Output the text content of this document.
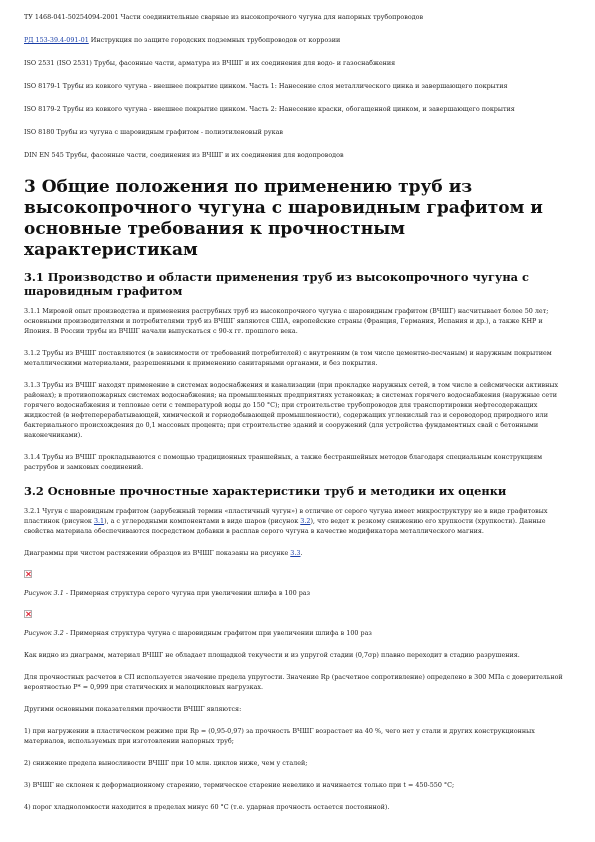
ТУ 1468-041-50254094-2001 Части соединительные сварные из высокопрочного чугуна для напорных трубопроводов

РД 153-39.4-091-01 Инструкция по защите городских подземных трубопроводов от коррозии

ISO 2531 (ISO 2531) Трубы, фасонные части, арматура из ВЧШГ и их соединения для водо- и газоснабжения

ISO 8179-1 Трубы из ковкого чугуна - внешнее покрытие цинком. Часть 1: Нанесение слоя металлического цинка и завершающего покрытия

ISO 8179-2 Трубы из ковкого чугуна - внешнее покрытие цинком. Часть 2: Нанесение краски, обогащенной цинком, и завершающего покрытия

ISO 8180 Трубы из чугуна с шаровидным графитом - полиэтиленовый рукав

DIN EN 545 Трубы, фасонные части, соединения из ВЧШГ и их соединения для водопроводов

3 Общие положения по применению труб из высокопрочного чугуна с шаровидным графитом и основные требования к прочностным характеристикам
3.1 Производство и области применения труб из высокопрочного чугуна с шаровидным графитом

3.1.1 Мировой опыт производства и применения раструбных труб из высокопрочного чугуна с шаровидным графитом (ВЧШГ) насчитывает более 50 лет; основными производителями и потребителями труб из ВЧШГ являются США, европейские страны (Франция, Германия, Испания и др.), а также КНР и Япония. В России трубы из ВЧШГ начали выпускаться с 90-х гг. прошлого века.

3.1.2 Трубы из ВЧШГ поставляются (в зависимости от требований потребителей) с внутренним (в том числе цементно-песчаным) и наружным покрытием металлическими материалами, разрешенными к применению санитарными органами, и без покрытия.

3.1.3 Трубы из ВЧШГ находят применение в системах водоснабжения и канализации (при прокладке наружных сетей, в том числе в сейсмически активных районах); в противопожарных системах водоснабжения; на промышленных предприятиях установках; в системах горячего водоснабжения (наружные сети горячего водоснабжения и тепловые сети с температурой воды до 150 °С); при строительстве трубопроводов для транспортировки нефтесодержащих жидкостей (в нефтеперерабатывающей, химической и горнодобывающей промышленности), содержащих углекислый газ и сероводород природного или бактериального происхождения до 0,1 массовых процента; при строительстве зданий и сооружений (для устройства фундаментных свай с бетонными наконечниками).

3.1.4 Трубы из ВЧШГ прокладываются с помощью традиционных траншейных, а также бестраншейных методов благодаря специальным конструкциям раструбов и замковых соединений.

3.2 Основные прочностные характеристики труб и методики их оценки

3.2.1 Чугун с шаровидным графитом (зарубежный термин «пластичный чугун») в отличие от серого чугуна имеет микроструктуру не в виде графитовых пластинок (рисунок 3.1), а с углеродными компонентами в виде шаров (рисунок 3.2), что ведет к резкому снижению его хрупкости (хрупкости). Данные свойства материала обеспечиваются посредством добавки в расплав серого чугуна в качестве модификатора металлического магния.

Диаграммы при чистом растяжении образцов из ВЧШГ показаны на рисунке 3.3.

Рисунок 3.1 - Примерная структура серого чугуна при увеличении шлифа в 100 раз

Рисунок 3.2 - Примерная структура чугуна с шаровидным графитом при увеличении шлифа в 100 раз

Как видно из диаграмм, материал ВЧШГ не обладает площадкой текучести и из упругой стадии (0,7σр) плавно переходит в стадию разрушения.

Для прочностных расчетов в СП используется значение предела упругости. Значение Rр (расчетное сопротивление) определено в 300 МПа с доверительной вероятностью Р* = 0,999 при статических и малоцикловых нагрузках.

Другими основными показателями прочности ВЧШГ являются:

1) при нагружении в пластическом режиме при Rр = (0,95-0,97) за прочность ВЧШГ возрастает на 40 %, чего нет у стали и других конструкционных материалов, используемых при изготовлении напорных труб;

2) снижение предела выносливости ВЧШГ при 10 млн. циклов ниже, чем у сталей;

3) ВЧШГ не склонен к деформационному старению, термическое старение невелико и начинается только при t = 450-550 °С;

4) порог хладноломкости находится в пределах минус 60 °С (т.е. ударная прочность остается постоянной).
